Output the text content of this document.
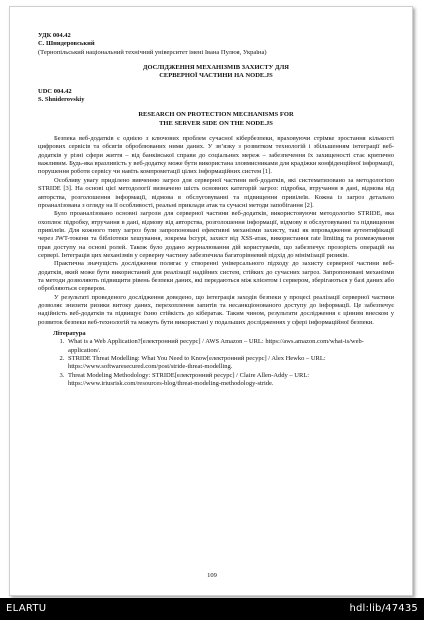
УДК 004.42
С. Шнидеровський
(Тернопільський національний технічний університет імені Івана Пулюя, Україна)
ДОСЛІДЖЕННЯ МЕХАНІЗМІВ ЗАХИСТУ ДЛЯ
СЕРВЕРНОЇ ЧАСТИНИ НА NODE.JS
UDC 004.42
S. Shniderovskiy
RESEARCH ON PROTECTION MECHANISMS FOR
THE SERVER SIDE ON THE NODE.JS

Безпека веб-додатків є однією з ключових проблем сучасної кібербезпеки, враховуючи стрімке зростання кількості цифрових сервісів та обсягів оброблюваних ними даних. У зв’язку з розвитком технологій і збільшенням інтеграції веб-додатків у різні сфери життя – від банківської справи до соціальних мереж – забезпечення їх захищеності стає критично важливим. Будь-яка вразливість у веб-додатку може бути використана зловмисниками для крадіжки конфіденційної інформації, порушення роботи сервісу чи навіть компрометації цілих інформаційних систем [1].

Особливу увагу приділено вивченню загроз для серверної частини веб-додатків, які систематизовано за методологією STRIDE [3]. На основі цієї методології визначено шість основних категорій загроз: підробка, втручання в дані, відмова від авторства, розголошення інформації, відмова в обслуговуванні та підвищення привілеїв. Кожна із загроз детально проаналізована з огляду на її особливості, реальні приклади атак та сучасні методи запобігання [2].

Було проаналізовано основні загрози для серверної частини веб-додатків, використовуючи методологію STRIDE, яка охоплює підробку, втручання в дані, відмову від авторства, розголошення інформації, відмову в обслуговуванні та підвищення привілеїв. Для кожного типу загроз були запропоновані ефективні механізми захисту, такі як впровадження аутентифікації через JWT-токени та бібліотеки хешування, зокрема bcrypt, захист від XSS-атак, використання rate limiting та розмежування прав доступу на основі ролей. Також було додано журналювання дій користувачів, що забезпечує прозорість операцій на сервері. Інтеграція цих механізмів у серверну частину забезпечила багаторівневий підхід до мінімізації ризиків.

Практична значущість дослідження полягає у створенні універсального підходу до захисту серверної частини веб-додатків, який може бути використаний для реалізації надійних систем, стійких до сучасних загроз. Запропоновані механізми та методи дозволяють підвищити рівень безпеки даних, які передаються між клієнтом і сервером, зберігаються у базі даних або обробляються сервером.

У результаті проведеного дослідження доведено, що інтеграція заходів безпеки у процесі реалізації серверної частини дозволяє знизити ризики витоку даних, перехоплення запитів та несанкціонованого доступу до інформації. Це забезпечує надійність веб-додатків та підвищує їхню стійкість до кібератак. Таким чином, результати дослідження є цінним внеском у розвиток безпеки веб-технологій та можуть бути використані у подальших дослідженнях у сфері інформаційної безпеки.

Література
1. What is a Web Application?[електронний ресурс] / AWS Amazon – URL: https://aws.amazon.com/what-is/web-application/.
2. STRIDE Threat Modelling: What You Need to Know[електронний ресурс] / Alex Hewko – URL: https://www.softwaresecured.com/post/stride-threat-modelling.
3. Threat Modeling Methodology: STRIDE[електронний ресурс] / Claire Allen-Addy – URL: https://www.iriusrisk.com/resources-blog/threat-modeling-methodology-stride.
109
ELARTU	hdl:lib/47435
